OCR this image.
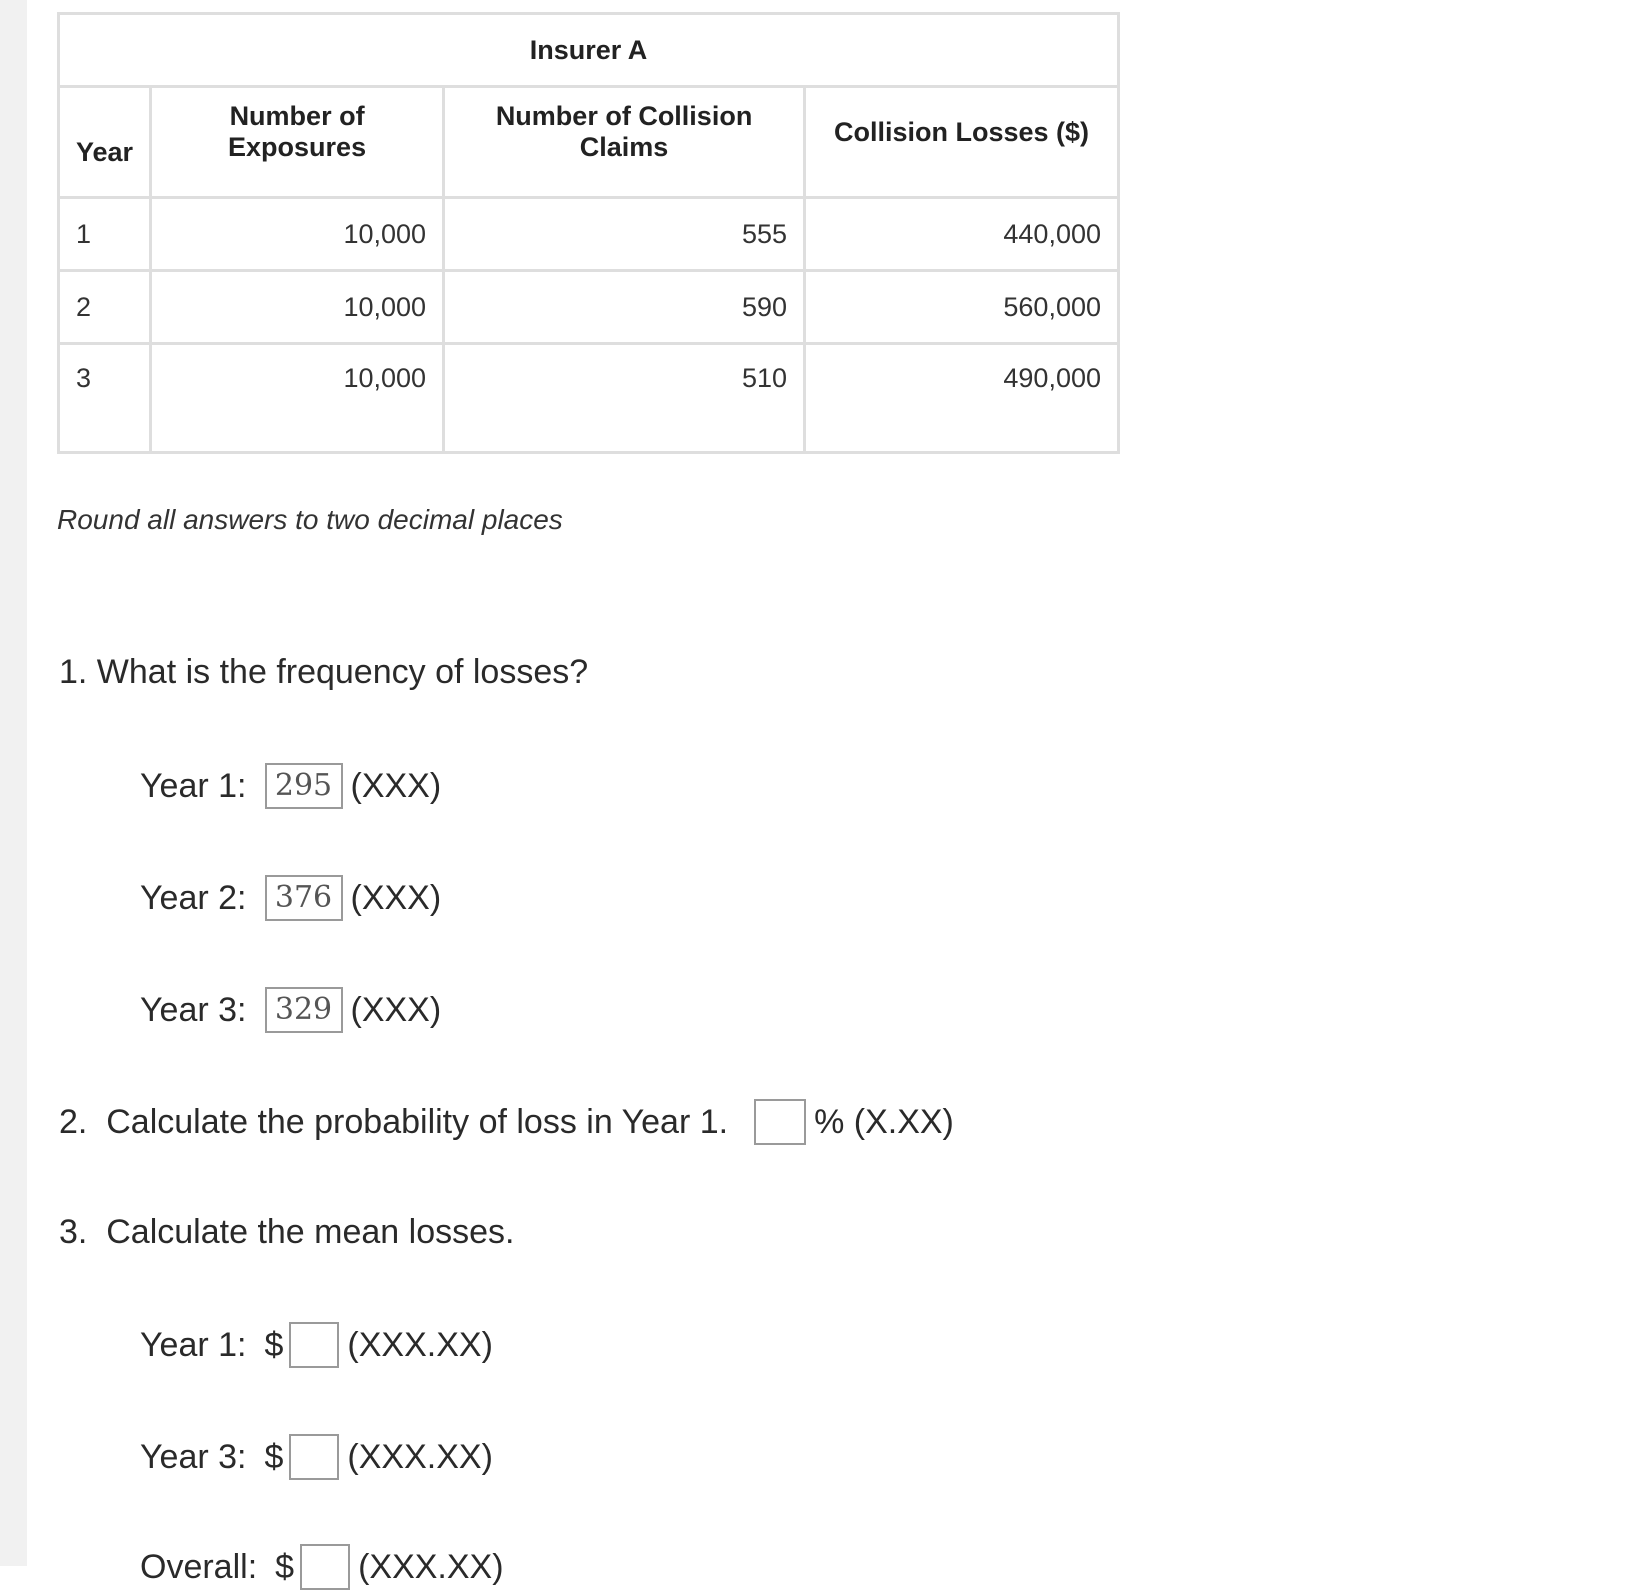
Insurer A			
Year	Number of Exposures	Number of Collision Claims	Collision Losses ($)
1	10,000	555	440,000
2	10,000	590	560,000
3	10,000	510	490,000
Round all answers to two decimal places
1. What is the frequency of losses?
Year 1: 295 (XXX)
Year 2: 376 (XXX)
Year 3: 329 (XXX)
2.  Calculate the probability of loss in Year 1.	% (X.XX)
3.  Calculate the mean losses.
Year 1: $ (XXX.XX)
Year 3: $ (XXX.XX)
Overall: $ (XXX.XX)
